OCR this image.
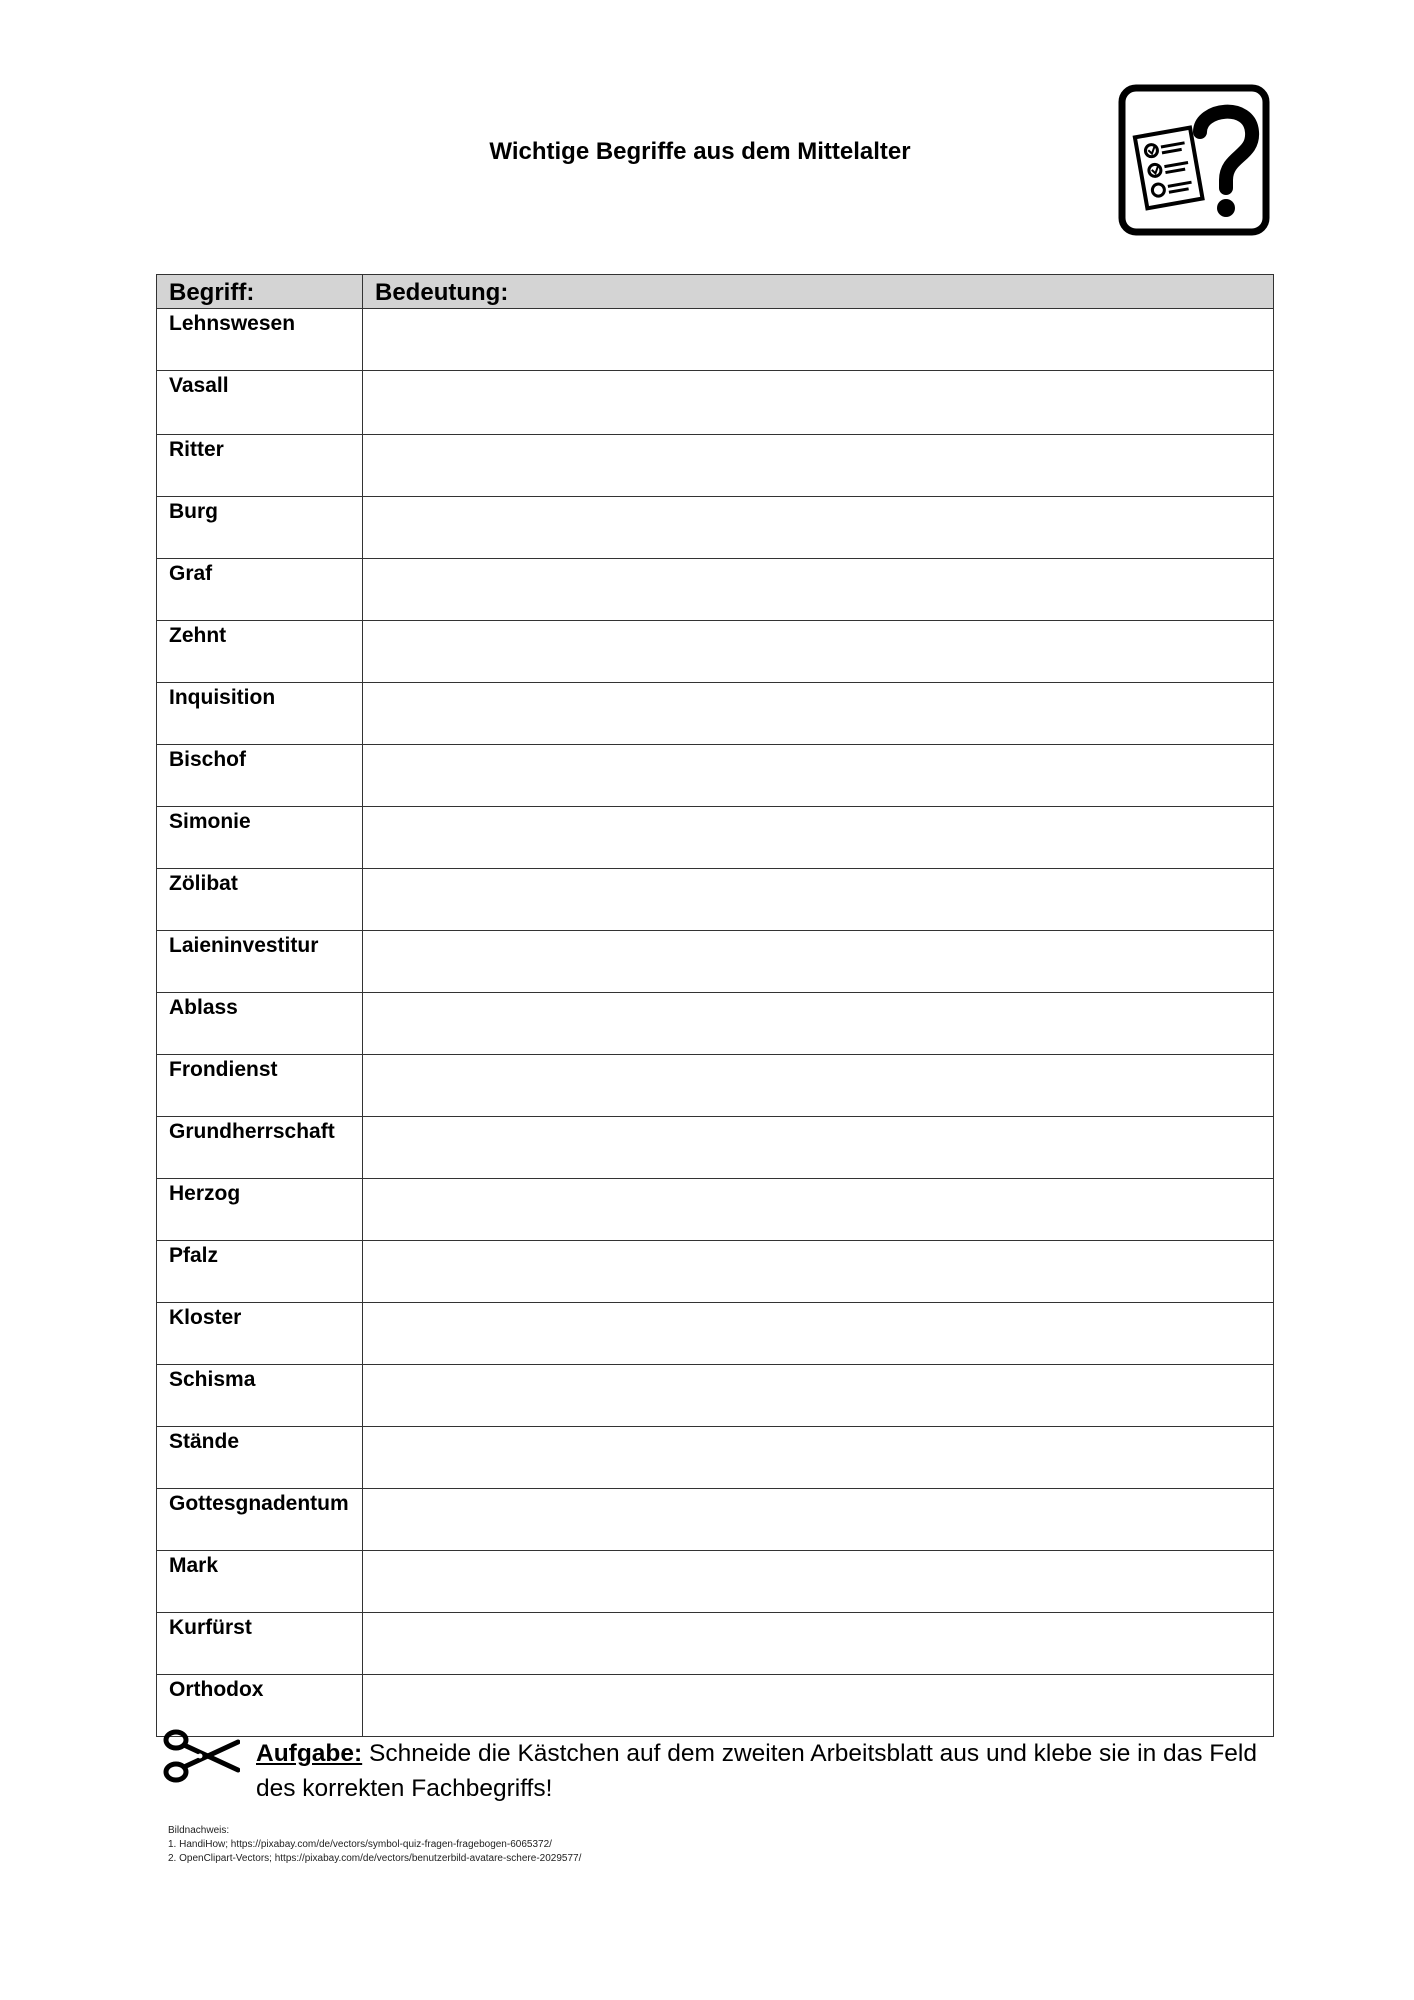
Wichtige Begriffe aus dem Mittelalter
Begriff:	Bedeutung:
Lehnswesen	
Vasall	
Ritter	
Burg	
Graf	
Zehnt	
Inquisition	
Bischof	
Simonie	
Zölibat	
Laieninvestitur	
Ablass	
Frondienst	
Grundherrschaft	
Herzog	
Pfalz	
Kloster	
Schisma	
Stände	
Gottesgnadentum	
Mark	
Kurfürst	
Orthodox	
Aufgabe: Schneide die Kästchen auf dem zweiten Arbeitsblatt aus und klebe sie in das Feld des korrekten Fachbegriffs!
Bildnachweis:
1. HandiHow; https://pixabay.com/de/vectors/symbol-quiz-fragen-fragebogen-6065372/
2. OpenClipart-Vectors; https://pixabay.com/de/vectors/benutzerbild-avatare-schere-2029577/
